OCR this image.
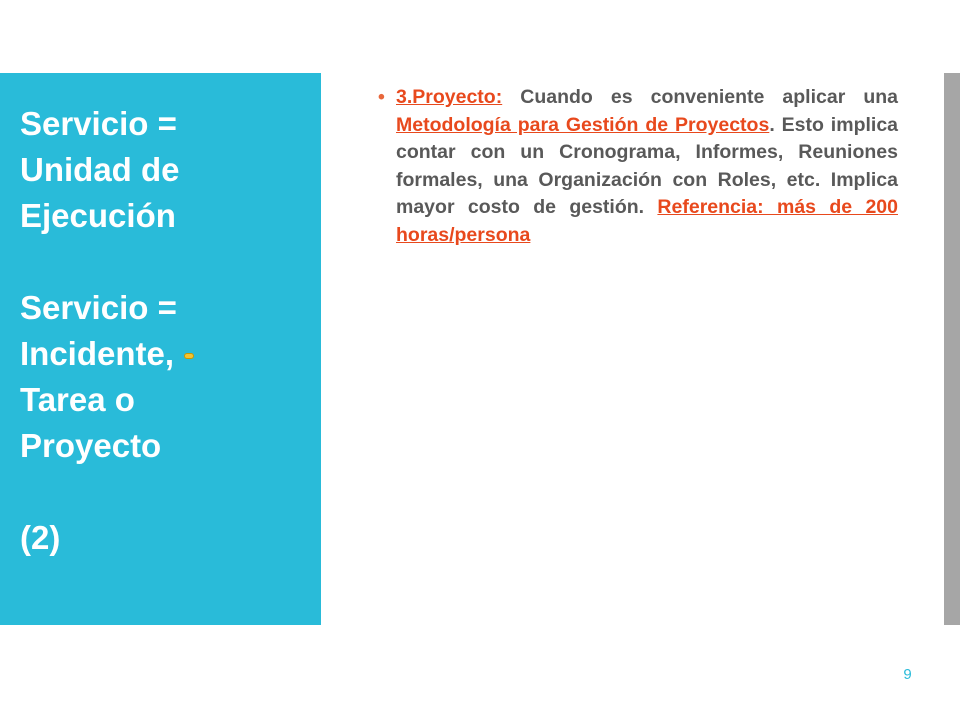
Servicio =
Unidad de
Ejecución
Servicio =
Incidente,
Tarea o
Proyecto
(2)

• 3.Proyecto: Cuando es conveniente aplicar una Metodología para Gestión de Proyectos. Esto implica contar con un Cronograma, Informes, Reuniones formales, una Organización con Roles, etc. Implica mayor costo de gestión. Referencia: más de 200 horas/persona

9
